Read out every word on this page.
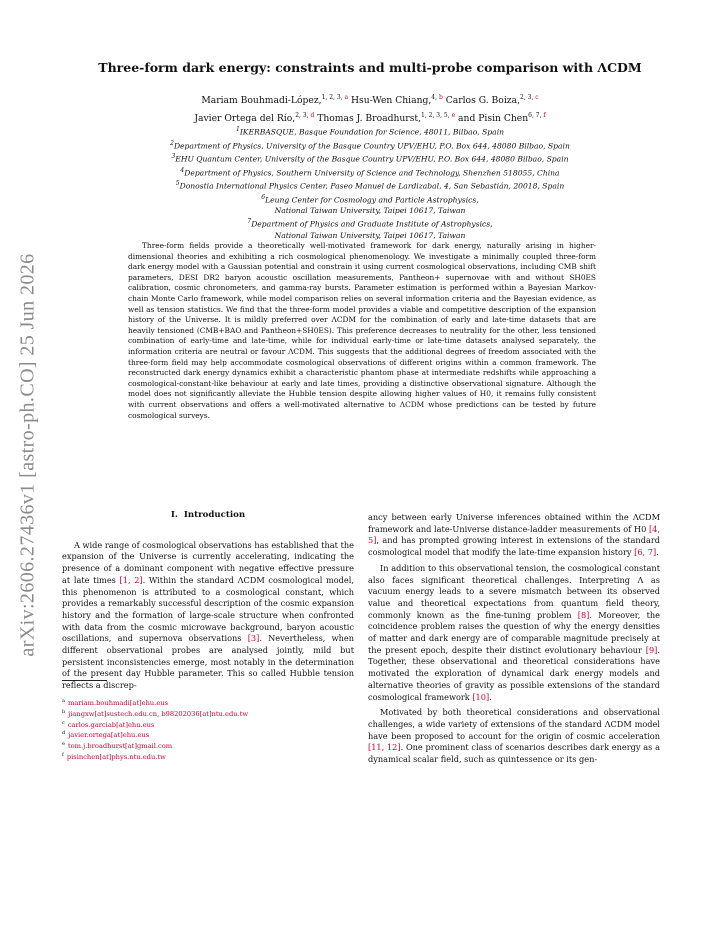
arXiv:2606.27436v1 [astro-ph.CO] 25 Jun 2026
Three-form dark energy: constraints and multi-probe comparison with ΛCDM
Mariam Bouhmadi-López,$^{1, 2, 3, a}$ Hsu-Wen Chiang,$^{4, b}$ Carlos G. Boiza,$^{2, 3, c}$
Javier Ortega del Río,$^{2, 3, d}$ Thomas J. Broadhurst,$^{1, 2, 3, 5, e}$ and Pisin Chen$^{6, 7, f}$
$^1$IKERBASQUE, Basque Foundation for Science, 48011, Bilbao, Spain
$^2$Department of Physics, University of the Basque Country UPV/EHU, P.O. Box 644, 48080 Bilbao, Spain
$^3$EHU Quantum Center, University of the Basque Country UPV/EHU, P.O. Box 644, 48080 Bilbao, Spain
$^4$Department of Physics, Southern University of Science and Technology, Shenzhen 518055, China
$^5$Donostia International Physics Center, Paseo Manuel de Lardizabal, 4, San Sebastián, 20018, Spain
$^6$Leung Center for Cosmology and Particle Astrophysics,
National Taiwan University, Taipei 10617, Taiwan
$^7$Department of Physics and Graduate Institute of Astrophysics,
National Taiwan University, Taipei 10617, Taiwan

Three-form fields provide a theoretically well-motivated framework for dark energy, naturally arising in higher-dimensional theories and exhibiting a rich cosmological phenomenology. We investigate a minimally coupled three-form dark energy model with a Gaussian potential and constrain it using current cosmological observations, including CMB shift parameters, DESI DR2 baryon acoustic oscillation measurements, Pantheon+ supernovae with and without SH0ES calibration, cosmic chronometers, and gamma-ray bursts. Parameter estimation is performed within a Bayesian Markov-chain Monte Carlo framework, while model comparison relies on several information criteria and the Bayesian evidence, as well as tension statistics. We find that the three-form model provides a viable and competitive description of the expansion history of the Universe. It is mildly preferred over ΛCDM for the combination of early and late-time datasets that are heavily tensioned (CMB+BAO and Pantheon+SH0ES). This preference decreases to neutrality for the other, less tensioned combination of early-time and late-time, while for individual early-time or late-time datasets analysed separately, the information criteria are neutral or favour ΛCDM. This suggests that the additional degrees of freedom associated with the three-form field may help accommodate cosmological observations of different origins within a common framework. The reconstructed dark energy dynamics exhibit a characteristic phantom phase at intermediate redshifts while approaching a cosmological-constant-like behaviour at early and late times, providing a distinctive observational signature. Although the model does not significantly alleviate the Hubble tension despite allowing higher values of H0, it remains fully consistent with current observations and offers a well-motivated alternative to ΛCDM whose predictions can be tested by future cosmological surveys.

I. Introduction

A wide range of cosmological observations has established that the expansion of the Universe is currently accelerating, indicating the presence of a dominant component with negative effective pressure at late times [1, 2]. Within the standard ΛCDM cosmological model, this phenomenon is attributed to a cosmological constant, which provides a remarkably successful description of the cosmic expansion history and the formation of large-scale structure when confronted with data from the cosmic microwave background, baryon acoustic oscillations, and supernova observations [3]. Nevertheless, when different observational probes are analysed jointly, mild but persistent inconsistencies emerge, most notably in the determination of the present day Hubble parameter. This so called Hubble tension reflects a discrep-

ancy between early Universe inferences obtained within the ΛCDM framework and late-Universe distance-ladder measurements of H0 [4, 5], and has prompted growing interest in extensions of the standard cosmological model that modify the late-time expansion history [6, 7].

In addition to this observational tension, the cosmological constant also faces significant theoretical challenges. Interpreting Λ as vacuum energy leads to a severe mismatch between its observed value and theoretical expectations from quantum field theory, commonly known as the fine-tuning problem [8]. Moreover, the coincidence problem raises the question of why the energy densities of matter and dark energy are of comparable magnitude precisely at the present epoch, despite their distinct evolutionary behaviour [9]. Together, these observational and theoretical considerations have motivated the exploration of dynamical dark energy models and alternative theories of gravity as possible extensions of the standard cosmological framework [10].

Motivated by both theoretical considerations and observational challenges, a wide variety of extensions of the standard ΛCDM model have been proposed to account for the origin of cosmic acceleration [11, 12]. One prominent class of scenarios describes dark energy as a dynamical scalar field, such as quintessence or its gen-

$^a$ mariam.bouhmadi[at]ehu.eus
$^b$ jiangxw[at]sustech.edu.cn, b98202036[at]ntu.edu.tw
$^c$ carlos.garciab[at]ehu.eus
$^d$ javier.ortega[at]ehu.eus
$^e$ tom.j.broadhurst[at]gmail.com
$^f$ pisinchen[at]phys.ntu.edu.tw
